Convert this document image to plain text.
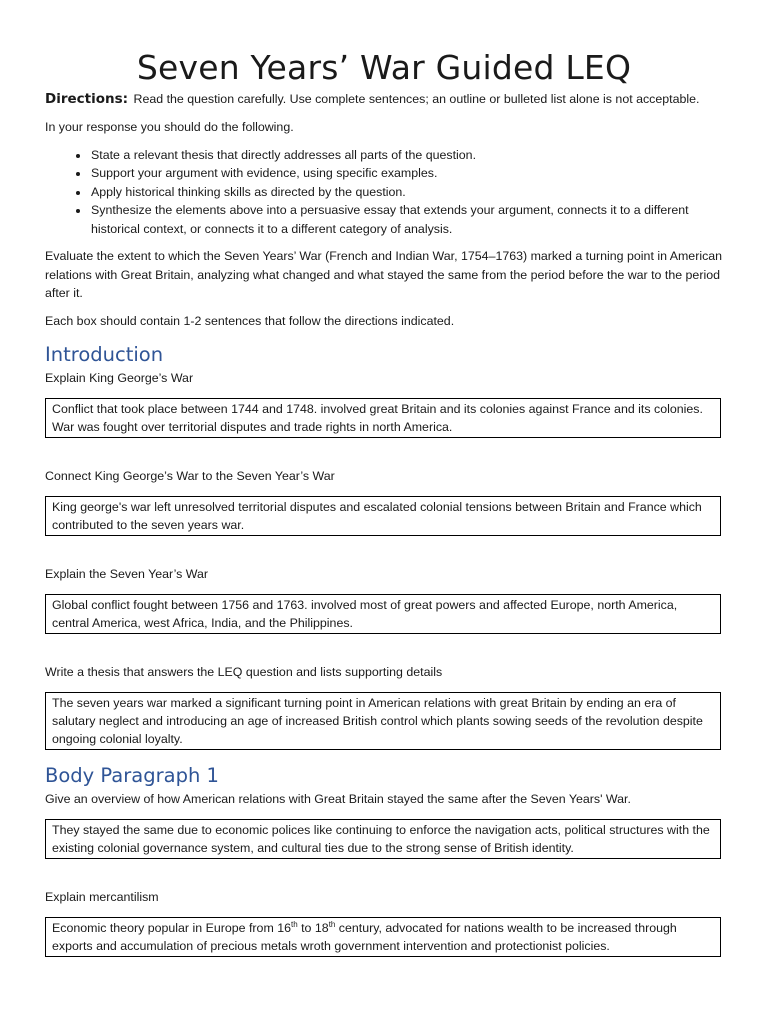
Seven Years’ War Guided LEQ
Directions: Read the question carefully. Use complete sentences; an outline or bulleted list alone is not acceptable.

In your response you should do the following.

• State a relevant thesis that directly addresses all parts of the question.
• Support your argument with evidence, using specific examples.
• Apply historical thinking skills as directed by the question.
• Synthesize the elements above into a persuasive essay that extends your argument, connects it to a different historical context, or connects it to a different category of analysis.

Evaluate the extent to which the Seven Years’ War (French and Indian War, 1754–1763) marked a turning point in American relations with Great Britain, analyzing what changed and what stayed the same from the period before the war to the period after it.

Each box should contain 1-2 sentences that follow the directions indicated.

Introduction

Explain King George’s War

Conflict that took place between 1744 and 1748. involved great Britain and its colonies against France and its colonies. War was fought over territorial disputes and trade rights in north America.

Connect King George’s War to the Seven Year’s War

King george's war left unresolved territorial disputes and escalated colonial tensions between Britain and France which contributed to the seven years war.

Explain the Seven Year’s War

Global conflict fought between 1756 and 1763. involved most of great powers and affected Europe, north America, central America, west Africa, India, and the Philippines.

Write a thesis that answers the LEQ question and lists supporting details

The seven years war marked a significant turning point in American relations with great Britain by ending an era of salutary neglect and introducing an age of increased British control which plants sowing seeds of the revolution despite ongoing colonial loyalty.
Body Paragraph 1

Give an overview of how American relations with Great Britain stayed the same after the Seven Years' War.

They stayed the same due to economic polices like continuing to enforce the navigation acts, political structures with the existing colonial governance system, and cultural ties due to the strong sense of British identity.

Explain mercantilism

Economic theory popular in Europe from 16th to 18th century, advocated for nations wealth to be increased through exports and accumulation of precious metals wroth government intervention and protectionist policies.
